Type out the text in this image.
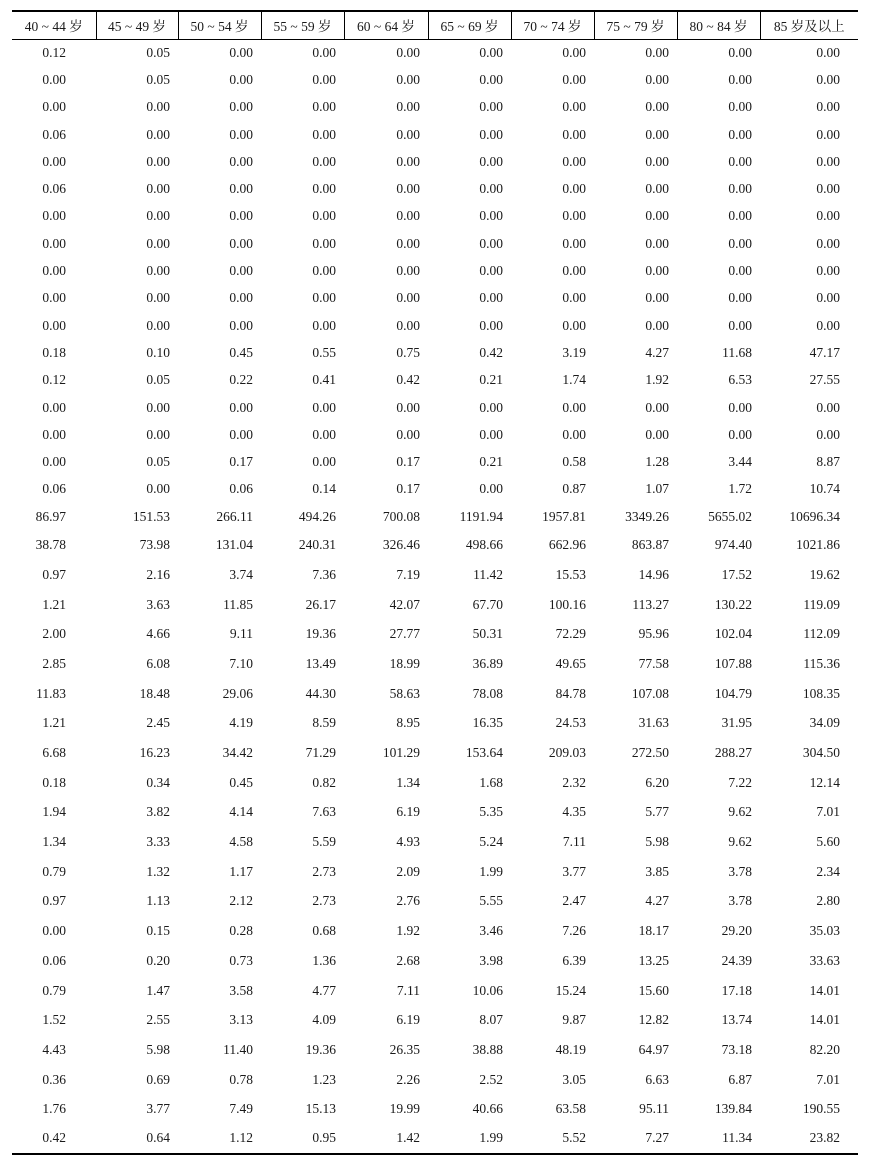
40 ~ 44 岁	45 ~ 49 岁	50 ~ 54 岁	55 ~ 59 岁	60 ~ 64 岁	65 ~ 69 岁	70 ~ 74 岁	75 ~ 79 岁	80 ~ 84 岁	85 岁及以上
0.12	0.05	0.00	0.00	0.00	0.00	0.00	0.00	0.00	0.00
0.00	0.05	0.00	0.00	0.00	0.00	0.00	0.00	0.00	0.00
0.00	0.00	0.00	0.00	0.00	0.00	0.00	0.00	0.00	0.00
0.06	0.00	0.00	0.00	0.00	0.00	0.00	0.00	0.00	0.00
0.00	0.00	0.00	0.00	0.00	0.00	0.00	0.00	0.00	0.00
0.06	0.00	0.00	0.00	0.00	0.00	0.00	0.00	0.00	0.00
0.00	0.00	0.00	0.00	0.00	0.00	0.00	0.00	0.00	0.00
0.00	0.00	0.00	0.00	0.00	0.00	0.00	0.00	0.00	0.00
0.00	0.00	0.00	0.00	0.00	0.00	0.00	0.00	0.00	0.00
0.00	0.00	0.00	0.00	0.00	0.00	0.00	0.00	0.00	0.00
0.00	0.00	0.00	0.00	0.00	0.00	0.00	0.00	0.00	0.00
0.18	0.10	0.45	0.55	0.75	0.42	3.19	4.27	11.68	47.17
0.12	0.05	0.22	0.41	0.42	0.21	1.74	1.92	6.53	27.55
0.00	0.00	0.00	0.00	0.00	0.00	0.00	0.00	0.00	0.00
0.00	0.00	0.00	0.00	0.00	0.00	0.00	0.00	0.00	0.00
0.00	0.05	0.17	0.00	0.17	0.21	0.58	1.28	3.44	8.87
0.06	0.00	0.06	0.14	0.17	0.00	0.87	1.07	1.72	10.74
86.97	151.53	266.11	494.26	700.08	1191.94	1957.81	3349.26	5655.02	10696.34
38.78	73.98	131.04	240.31	326.46	498.66	662.96	863.87	974.40	1021.86
0.97	2.16	3.74	7.36	7.19	11.42	15.53	14.96	17.52	19.62
1.21	3.63	11.85	26.17	42.07	67.70	100.16	113.27	130.22	119.09
2.00	4.66	9.11	19.36	27.77	50.31	72.29	95.96	102.04	112.09
2.85	6.08	7.10	13.49	18.99	36.89	49.65	77.58	107.88	115.36
11.83	18.48	29.06	44.30	58.63	78.08	84.78	107.08	104.79	108.35
1.21	2.45	4.19	8.59	8.95	16.35	24.53	31.63	31.95	34.09
6.68	16.23	34.42	71.29	101.29	153.64	209.03	272.50	288.27	304.50
0.18	0.34	0.45	0.82	1.34	1.68	2.32	6.20	7.22	12.14
1.94	3.82	4.14	7.63	6.19	5.35	4.35	5.77	9.62	7.01
1.34	3.33	4.58	5.59	4.93	5.24	7.11	5.98	9.62	5.60
0.79	1.32	1.17	2.73	2.09	1.99	3.77	3.85	3.78	2.34
0.97	1.13	2.12	2.73	2.76	5.55	2.47	4.27	3.78	2.80
0.00	0.15	0.28	0.68	1.92	3.46	7.26	18.17	29.20	35.03
0.06	0.20	0.73	1.36	2.68	3.98	6.39	13.25	24.39	33.63
0.79	1.47	3.58	4.77	7.11	10.06	15.24	15.60	17.18	14.01
1.52	2.55	3.13	4.09	6.19	8.07	9.87	12.82	13.74	14.01
4.43	5.98	11.40	19.36	26.35	38.88	48.19	64.97	73.18	82.20
0.36	0.69	0.78	1.23	2.26	2.52	3.05	6.63	6.87	7.01
1.76	3.77	7.49	15.13	19.99	40.66	63.58	95.11	139.84	190.55
0.42	0.64	1.12	0.95	1.42	1.99	5.52	7.27	11.34	23.82
